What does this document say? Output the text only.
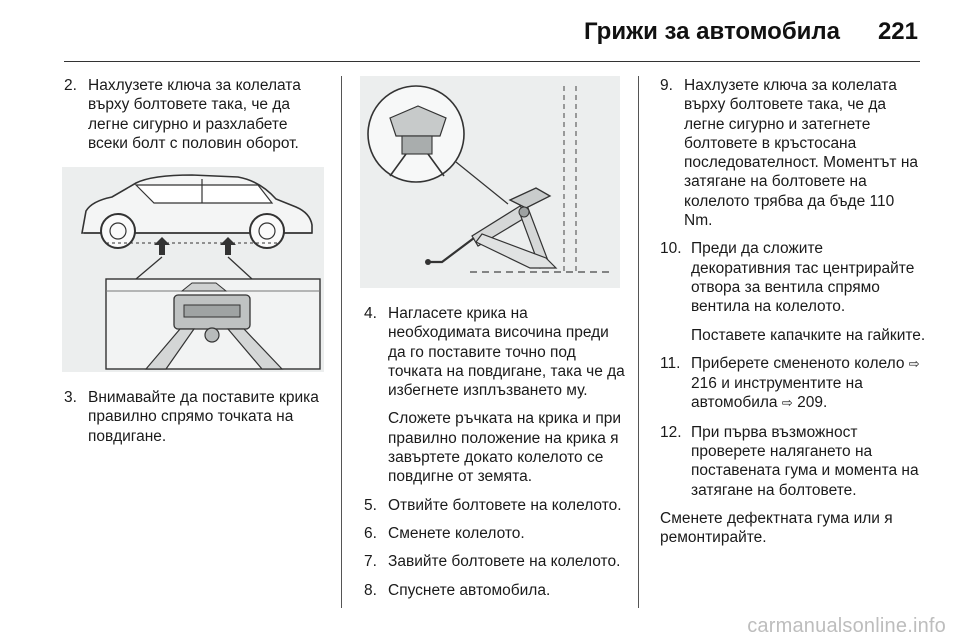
Грижи за автомобила 221
2. Нахлузете ключа за колелата върху болтовете така, че да легне сигурно и разхлабете всеки болт с половин оборот.
3. Внимавайте да поставите крика правилно спрямо точката на повдигане.
4. Нагласете крика на необходимата височина преди да го поставите точно под точката на повдигане, така че да избегнете изплъзването му.
Сложете ръчката на крика и при правилно положение на крика я завъртете докато колелото се повдигне от земята.
5. Отвийте болтовете на колелото.
6. Сменете колелото.
7. Завийте болтовете на колелото.
8. Спуснете автомобила.
9. Нахлузете ключа за колелата върху болтовете така, че да легне сигурно и затегнете болтовете в кръстосана последователност. Моментът на затягане на болтовете на колелото трябва да бъде 110 Nm.
10. Преди да сложите декоративния тас центрирайте отвора за вентила спрямо вентила на колелото.
Поставете капачките на гайките.
11. Приберете смененото колело ⇨ 216 и инструментите на автомобила ⇨ 209.
12. При първа възможност проверете налягането на поставената гума и момента на затягане на болтовете.
Сменете дефектната гума или я ремонтирайте.
carmanualsonline.info
